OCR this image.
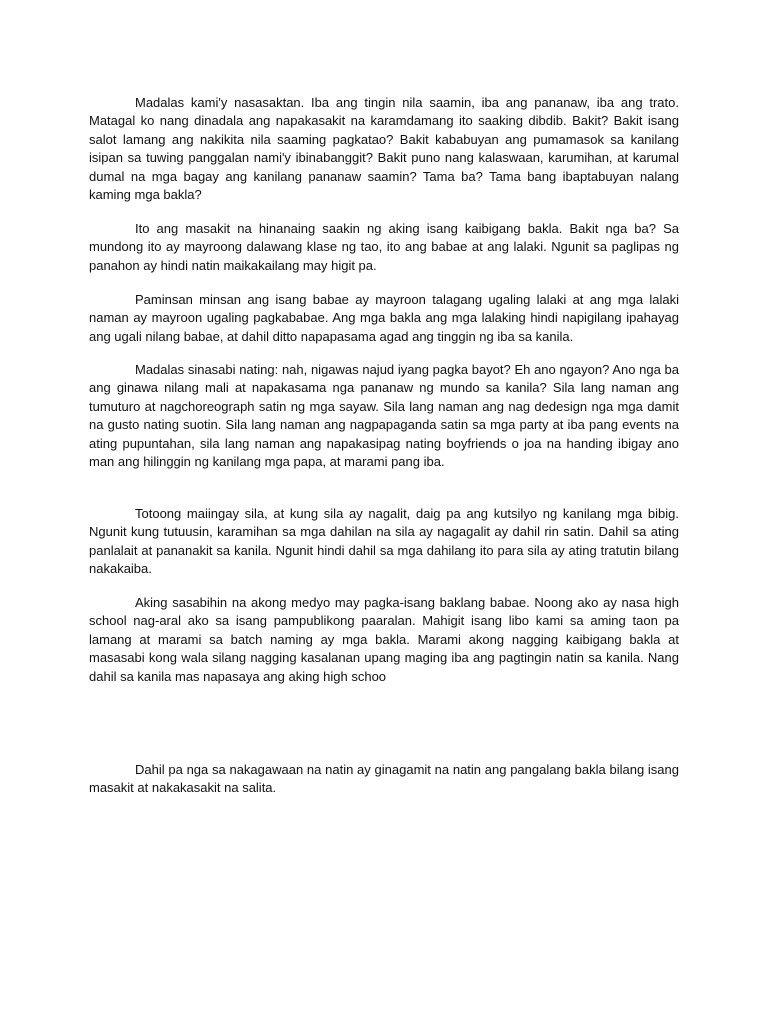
Madalas kami'y nasasaktan. Iba ang tingin nila saamin, iba ang pananaw, iba ang trato. Matagal ko nang dinadala ang napakasakit na karamdamang ito saaking dibdib. Bakit? Bakit isang salot lamang ang nakikita nila saaming pagkatao? Bakit kababuyan ang pumamasok sa kanilang isipan sa tuwing panggalan nami'y ibinabanggit? Bakit puno nang kalaswaan, karumihan, at karumal dumal na mga bagay ang kanilang pananaw saamin? Tama ba? Tama bang ibaptabuyan nalang kaming mga bakla?

Ito ang masakit na hinanaing saakin ng aking isang kaibigang bakla. Bakit nga ba? Sa mundong ito ay mayroong dalawang klase ng tao, ito ang babae at ang lalaki. Ngunit sa paglipas ng panahon ay hindi natin maikakailang may higit pa.

Paminsan minsan ang isang babae ay mayroon talagang ugaling lalaki at ang mga lalaki naman ay mayroon ugaling pagkababae. Ang mga bakla ang mga lalaking hindi napigilang ipahayag ang ugali nilang babae, at dahil ditto napapasama agad ang tinggin ng iba sa kanila.

Madalas sinasabi nating: nah, nigawas najud iyang pagka bayot? Eh ano ngayon? Ano nga ba ang ginawa nilang mali at napakasama nga pananaw ng mundo sa kanila? Sila lang naman ang tumuturo at nagchoreograph satin ng mga sayaw. Sila lang naman ang nag dedesign nga mga damit na gusto nating suotin. Sila lang naman ang nagpapaganda satin sa mga party at iba pang events na ating pupuntahan, sila lang naman ang napakasipag nating boyfriends o joa na handing ibigay ano man ang hilinggin ng kanilang mga papa, at marami pang iba.

Totoong maiingay sila, at kung sila ay nagalit, daig pa ang kutsilyo ng kanilang mga bibig. Ngunit kung tutuusin, karamihan sa mga dahilan na sila ay nagagalit ay dahil rin satin. Dahil sa ating panlalait at pananakit sa kanila. Ngunit hindi dahil sa mga dahilang ito para sila ay ating tratutin bilang nakakaiba.

Aking sasabihin na akong medyo may pagka-isang baklang babae. Noong ako ay nasa high school nag-aral ako sa isang pampublikong paaralan. Mahigit isang libo kami sa aming taon pa lamang at marami sa batch naming ay mga bakla. Marami akong nagging kaibigang bakla at masasabi kong wala silang nagging kasalanan upang maging iba ang pagtingin natin sa kanila. Nang dahil sa kanila mas napasaya ang aking high schoo

Dahil pa nga sa nakagawaan na natin ay ginagamit na natin ang pangalang bakla bilang isang masakit at nakakasakit na salita.
